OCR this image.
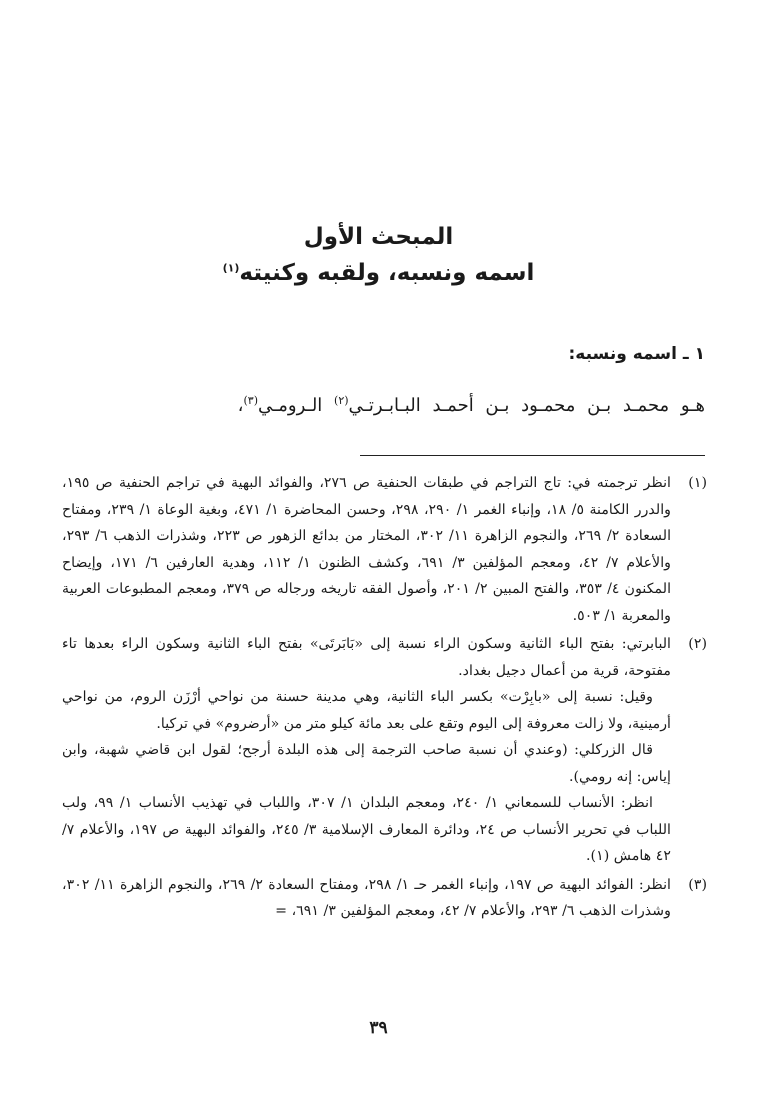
المبحث الأول
اسمه ونسبه، ولقبه وكنيته$^{(١)}$
١ ـ اسمه ونسبه:
هـو محمـد بـن محمـود بـن أحمـد البـابـرتـي$^{(٢)}$ الـرومـي$^{(٣)}$،
(١)

انظر ترجمته في: تاج التراجم في طبقات الحنفية ص ٢٧٦، والفوائد البهية في تراجم الحنفية ص ١٩٥، والدرر الكامنة ٥/ ١٨، وإنباء الغمر ١/ ٢٩٠، ٢٩٨، وحسن المحاضرة ١/ ٤٧١، وبغية الوعاة ١/ ٢٣٩، ومفتاح السعادة ٢/ ٢٦٩، والنجوم الزاهرة ١١/ ٣٠٢، المختار من بدائع الزهور ص ٢٢٣، وشذرات الذهب ٦/ ٢٩٣، والأعلام ٧/ ٤٢، ومعجم المؤلفين ٣/ ٦٩١، وكشف الظنون ١/ ١١٢، وهدية العارفين ٦/ ١٧١، وإيضاح المكنون ٤/ ٣٥٣، والفتح المبين ٢/ ٢٠١، وأصول الفقه تاريخه ورجاله ص ٣٧٩، ومعجم المطبوعات العربية والمعربة ١/ ٥٠٣.

(٢)

البابرتي: بفتح الباء الثانية وسكون الراء نسبة إلى «بَابَرتَى» بفتح الباء الثانية وسكون الراء بعدها تاء مفتوحة، قرية من أعمال دجيل بغداد.

وقيل: نسبة إلى «بابِرْت» بكسر الباء الثانية، وهي مدينة حسنة من نواحي أرْزَن الروم، من نواحي أرمينية، ولا زالت معروفة إلى اليوم وتقع على بعد مائة كيلو متر من «أرضروم» في تركيا.

قال الزركلي: (وعندي أن نسبة صاحب الترجمة إلى هذه البلدة أرجح؛ لقول ابن قاضي شهبة، وابن إياس: إنه رومي).

انظر: الأنساب للسمعاني ١/ ٢٤٠، ومعجم البلدان ١/ ٣٠٧، واللباب في تهذيب الأنساب ١/ ٩٩، ولب اللباب في تحرير الأنساب ص ٢٤، ودائرة المعارف الإسلامية ٣/ ٢٤٥، والفوائد البهية ص ١٩٧، والأعلام ٧/ ٤٢ هامش (١).

(٣)

انظر: الفوائد البهية ص ١٩٧، وإنباء الغمر حـ ١/ ٢٩٨، ومفتاح السعادة ٢/ ٢٦٩، والنجوم الزاهرة ١١/ ٣٠٢، وشذرات الذهب ٦/ ٢٩٣، والأعلام ٧/ ٤٢، ومعجم المؤلفين ٣/ ٦٩١، =

٣٩
